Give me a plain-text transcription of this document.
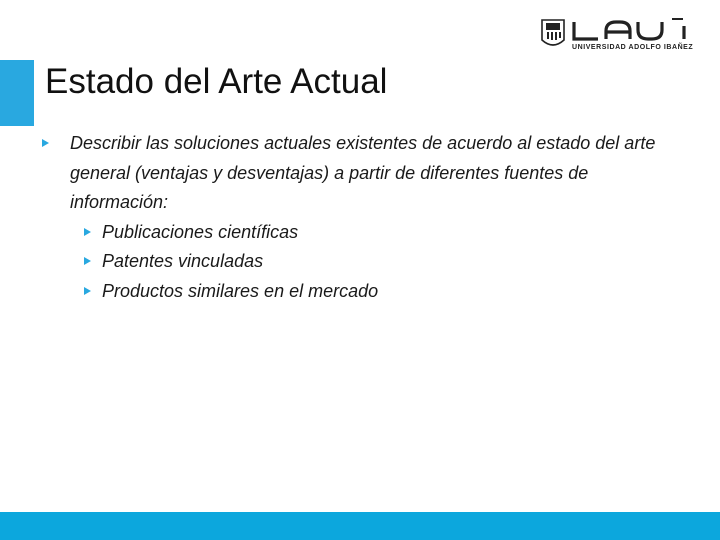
Estado del Arte Actual
UNIVERSIDAD ADOLFO IBAÑEZ
Describir las soluciones actuales existentes de acuerdo al estado del arte general (ventajas y desventajas) a partir de diferentes fuentes de información:
Publicaciones científicas
Patentes vinculadas
Productos similares en el mercado
